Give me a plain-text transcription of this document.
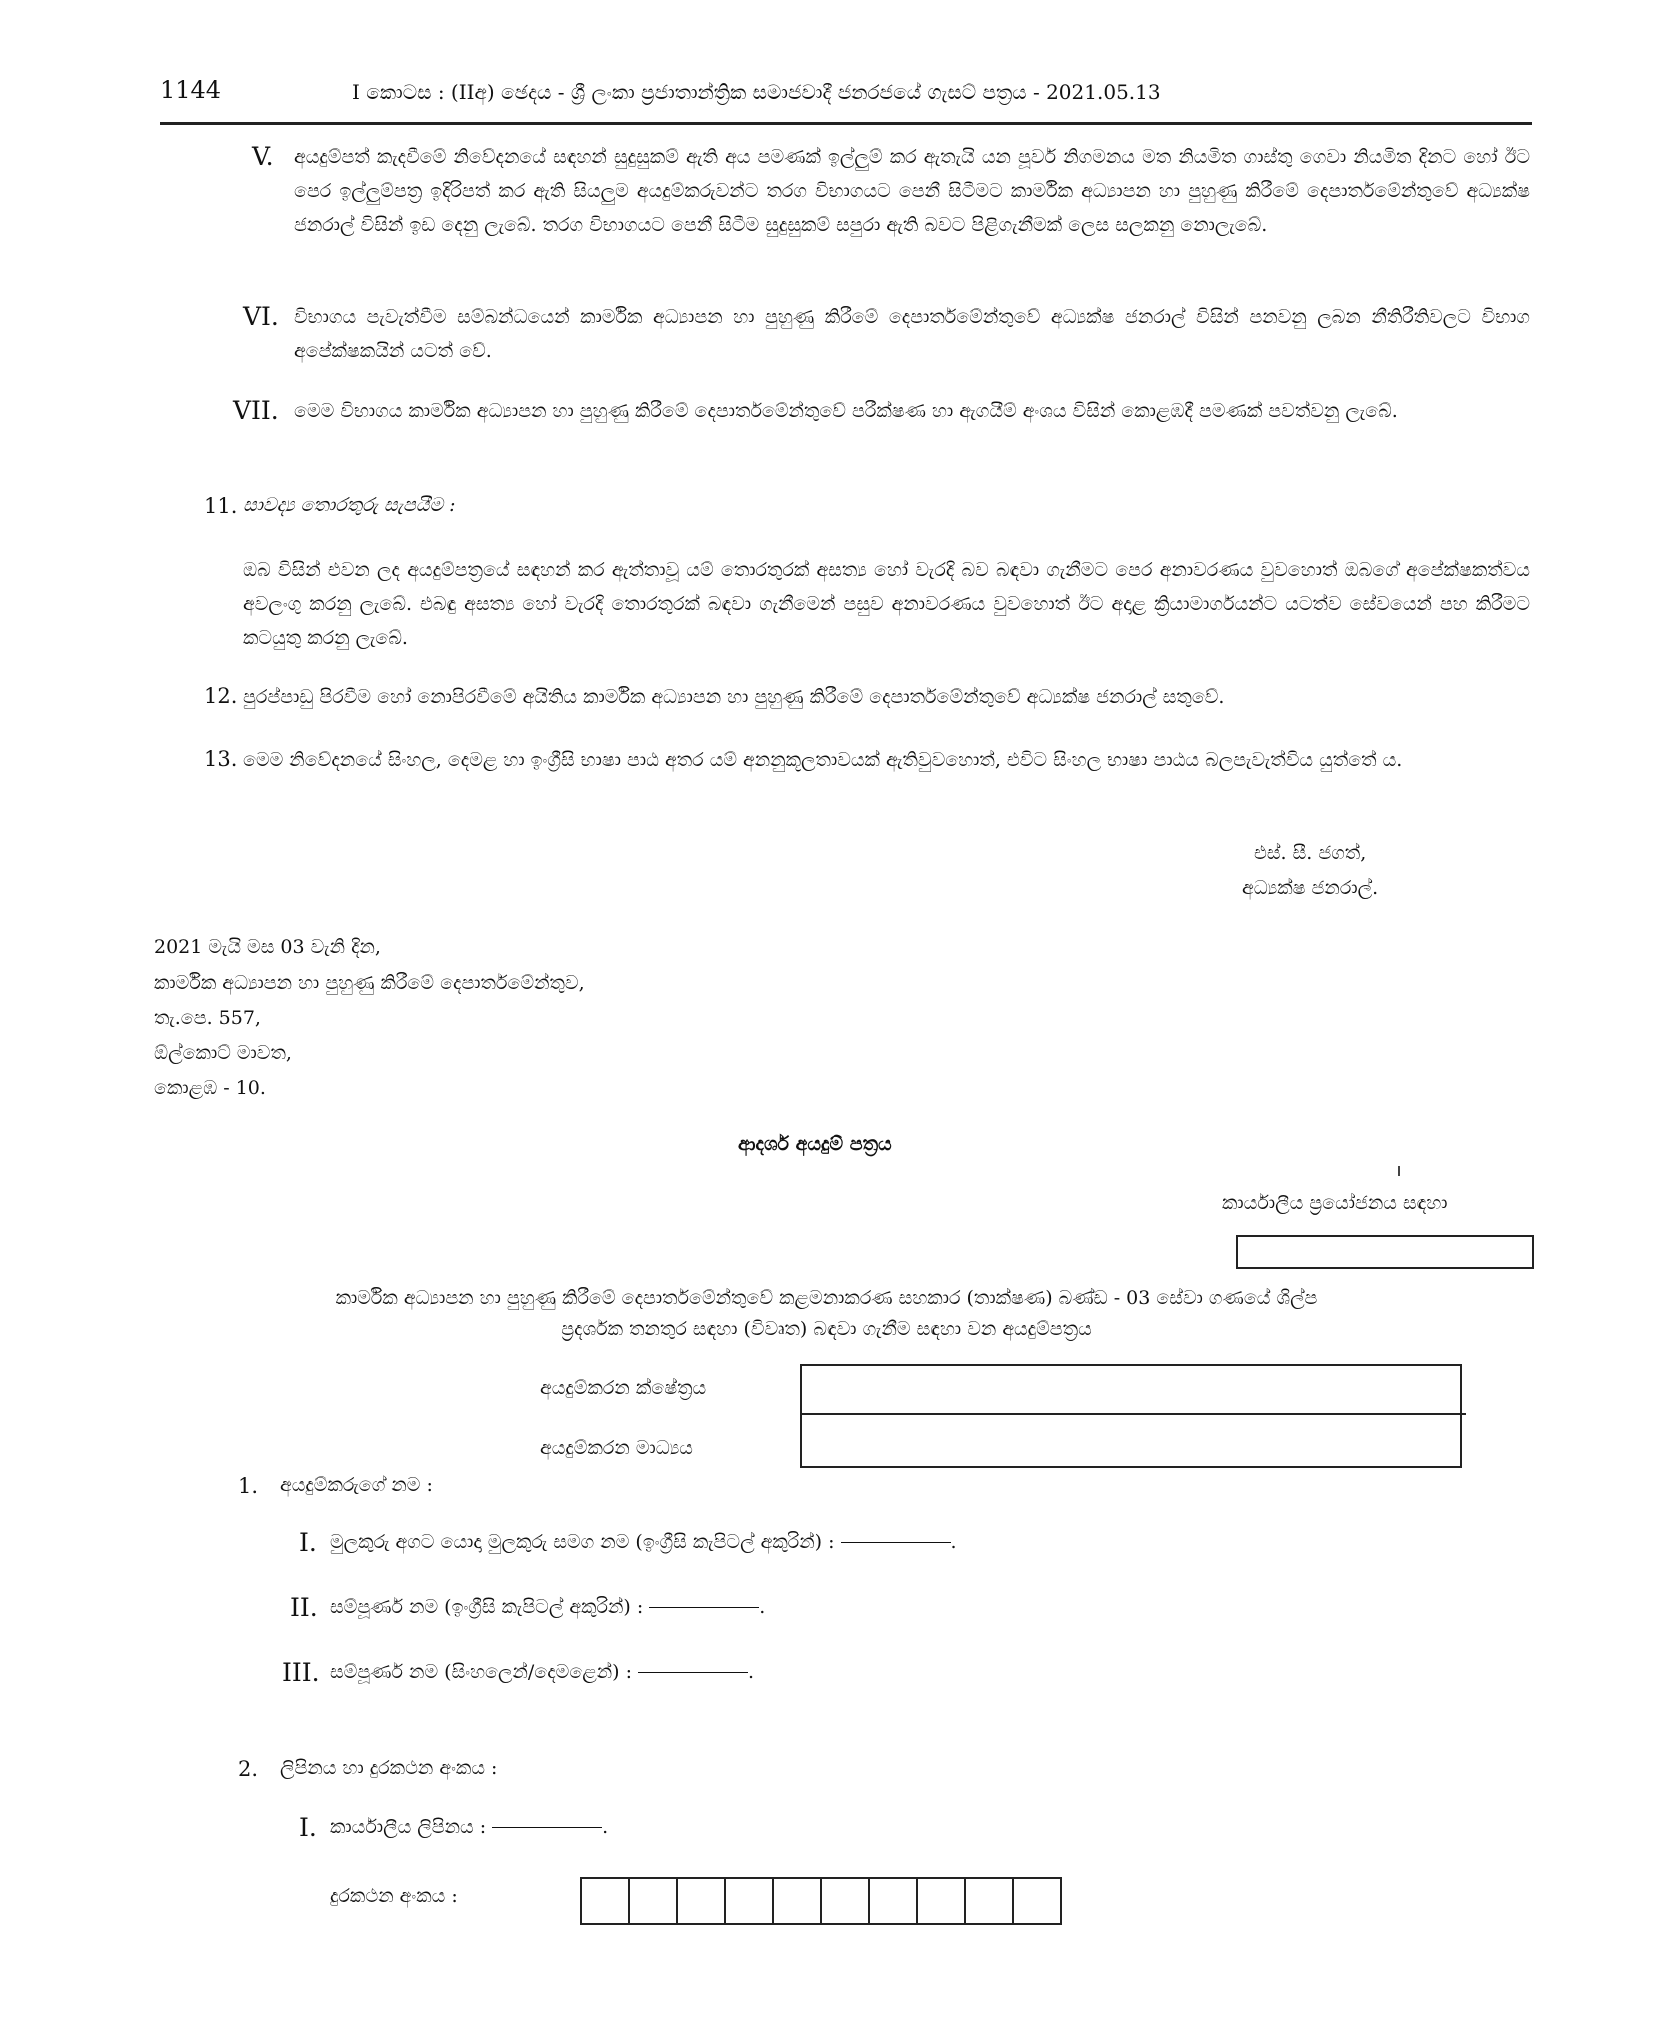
1144	I කොටස : (IIඅ) ඡෙදය - ශ්‍රී ලංකා ප්‍රජාතාන්ත්‍රික සමාජවාදී ජනරජයේ ගැසට් පත්‍රය - 2021.05.13
V. අයදුම්පත් කැදවීමේ නිවේදනයේ සඳහන් සුදුසුකම් ඇති අය පමණක් ඉල්ලුම් කර ඇතැයි යන පූර්ව නිගමනය මත නියමිත ගාස්තු ගෙවා නියමිත දිනට හෝ ඊට පෙර ඉල්ලුම්පත්‍ර ඉදිරිපත් කර ඇති සියලුම අයදුම්කරුවන්ට තරග විභාගයට පෙනී සිටීමට කාර්මික අධ්‍යාපන හා පුහුණු කිරීමේ දෙපාර්තමේන්තුවේ අධ්‍යක්ෂ ජනරාල් විසින් ඉඩ දෙනු ලැබේ. තරග විභාගයට පෙනී සිටීම සුදුසුකම් සපුරා ඇති බවට පිළිගැනීමක් ලෙස සලකනු නොලැබේ.
VI. විභාගය පැවැත්වීම සම්බන්ධයෙන් කාර්මික අධ්‍යාපන හා පුහුණු කිරීමේ දෙපාර්තමේන්තුවේ අධ්‍යක්ෂ ජනරාල් විසින් පනවනු ලබන නීතිරීතිවලට විභාග අපේක්ෂකයින් යටත් වේ.
VII. මෙම විභාගය කාර්මික අධ්‍යාපන හා පුහුණු කිරීමේ දෙපාර්තමේන්තුවේ පරීක්ෂණ හා ඇගයීම් අංශය විසින් කොළඹදී පමණක් පවත්වනු ලැබේ.
11. සාවද්‍ය තොරතුරු සැපයීම :
ඔබ විසින් එවන ලද අයදුම්පත්‍රයේ සඳහන් කර ඇත්තාවූ යම් තොරතුරක් අසත්‍ය හෝ වැරදි බව බඳවා ගැනීමට පෙර අනාවරණය වුවහොත් ඔබගේ අපේක්ෂකත්වය අවලංගු කරනු ලැබේ. එබඳු අසත්‍ය හෝ වැරදි තොරතුරක් බඳවා ගැනීමෙන් පසුව අනාවරණය වුවහොත් ඊට අදාළ ක්‍රියාමාර්ගයන්ට යටත්ව සේවයෙන් පහ කිරීමට කටයුතු කරනු ලැබේ.
12. පුරප්පාඩු පිරවීම හෝ නොපිරවීමේ අයිතිය කාර්මික අධ්‍යාපන හා පුහුණු කිරීමේ දෙපාර්තමේන්තුවේ අධ්‍යක්ෂ ජනරාල් සතුවේ.
13. මෙම නිවේදනයේ සිංහල, දෙමළ හා ඉංග්‍රීසි භාෂා පාඨ අතර යම් අනනුකූලතාවයක් ඇතිවුවහොත්, එවිට සිංහල භාෂා පාඨය බලපැවැත්විය යුත්තේ ය.
එස්. සී. ජගත්,
අධ්‍යක්ෂ ජනරාල්.
2021 මැයි මස 03 වැනි දින,
කාර්මික අධ්‍යාපන හා පුහුණු කිරීමේ දෙපාර්තමේන්තුව,
තැ.පෙ. 557,
ඕල්කොට් මාවත,
කොළඹ - 10.
ආදර්ශ අයදුම් පත්‍රය
කාර්යාලීය ප්‍රයෝජනය සඳහා
කාර්මික අධ්‍යාපන හා පුහුණු කිරීමේ දෙපාර්තමේන්තුවේ කළමනාකරණ සහකාර (තාක්ෂණ) බණ්ඩ - 03 සේවා ගණයේ ශිල්ප
ප්‍රදර්ශක තනතුර සඳහා (විවෘත) බඳවා ගැනීම සඳහා වන අයදුම්පත්‍රය
අයදුම්කරන ක්ෂේත්‍රය
අයදුම්කරන මාධ්‍යය
1. අයදුම්කරුගේ නම :
I. මුලකුරු අගට යොදා මුලකුරු සමග නම (ඉංග්‍රීසි කැපිටල් අකුරින්) :	.
II. සම්පූර්ණ නම (ඉංග්‍රීසි කැපිටල් අකුරින්) :	.
III. සම්පූර්ණ නම (සිංහලෙන්/දෙමළෙන්) :	.
2. ලිපිනය හා දුරකථන අංකය :
I. කාර්යාලීය ලිපිනය :	.
දුරකථන අංකය :
